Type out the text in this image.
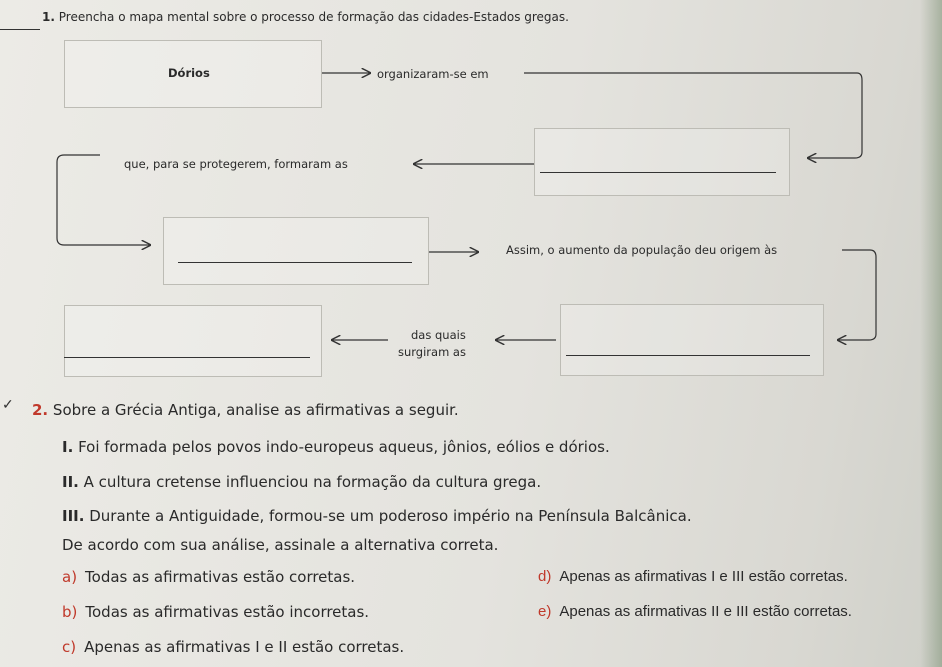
1. Preencha o mapa mental sobre o processo de formação das cidades-Estados gregas.
Dórios	organizaram-se em
que, para se protegerem, formaram as
Assim, o aumento da população deu origem às
das quais
surgiram as
✓ 2. Sobre a Grécia Antiga, analise as afirmativas a seguir.
I. Foi formada pelos povos indo-europeus aqueus, jônios, eólios e dórios.
II. A cultura cretense influenciou na formação da cultura grega.
III. Durante a Antiguidade, formou-se um poderoso império na Península Balcânica.
De acordo com sua análise, assinale a alternativa correta.
a) Todas as afirmativas estão corretas.
b) Todas as afirmativas estão incorretas.
c) Apenas as afirmativas I e II estão corretas.
d) Apenas as afirmativas I e III estão corretas.
e) Apenas as afirmativas II e III estão corretas.
